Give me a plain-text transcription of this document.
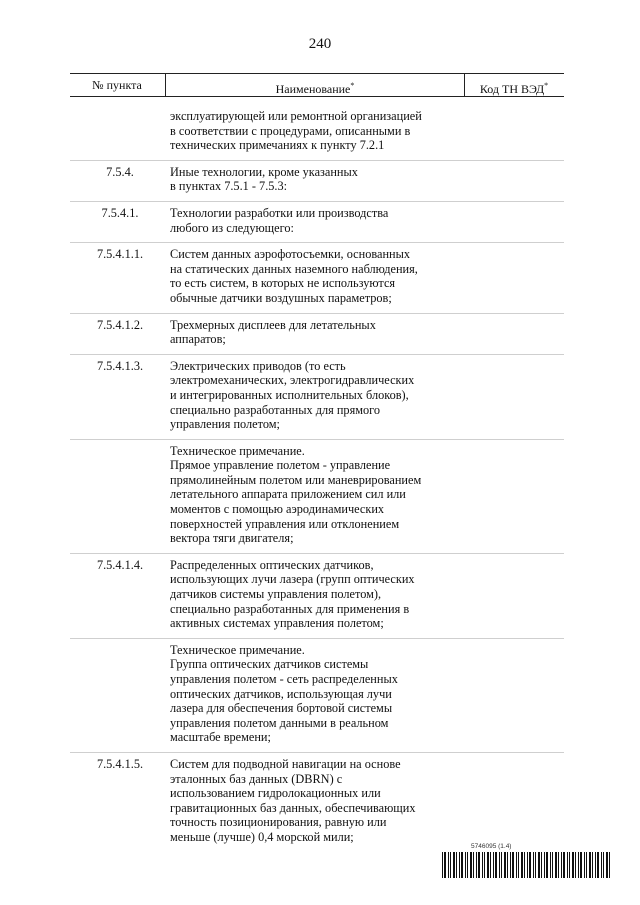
240
№ пункта	Наименование*	Код ТН ВЭД*
эксплуатирующей или ремонтной организацией
в соответствии с процедурами, описанными в
технических примечаниях к пункту 7.2.1
7.5.4.	Иные технологии, кроме указанных
в пунктах 7.5.1 - 7.5.3:
7.5.4.1.	Технологии разработки или производства
любого из следующего:
7.5.4.1.1.	Систем данных аэрофотосъемки, основанных
на статических данных наземного наблюдения,
то есть систем, в которых не используются
обычные датчики воздушных параметров;
7.5.4.1.2.	Трехмерных дисплеев для летательных
аппаратов;
7.5.4.1.3.	Электрических приводов (то есть
электромеханических, электрогидравлических
и интегрированных исполнительных блоков),
специально разработанных для прямого
управления полетом;
Техническое примечание.
Прямое управление полетом - управление
прямолинейным полетом или маневрированием
летательного аппарата приложением сил или
моментов с помощью аэродинамических
поверхностей управления или отклонением
вектора тяги двигателя;
7.5.4.1.4.	Распределенных оптических датчиков,
использующих лучи лазера (групп оптических
датчиков системы управления полетом),
специально разработанных для применения в
активных системах управления полетом;
Техническое примечание.
Группа оптических датчиков системы
управления полетом - сеть распределенных
оптических датчиков, использующая лучи
лазера для обеспечения бортовой системы
управления полетом данными в реальном
масштабе времени;
7.5.4.1.5.	Систем для подводной навигации на основе
эталонных баз данных (DBRN) с
использованием гидролокационных или
гравитационных баз данных, обеспечивающих
точность позиционирования, равную или
меньше (лучше) 0,4 морской мили;
5746095 (1.4)
